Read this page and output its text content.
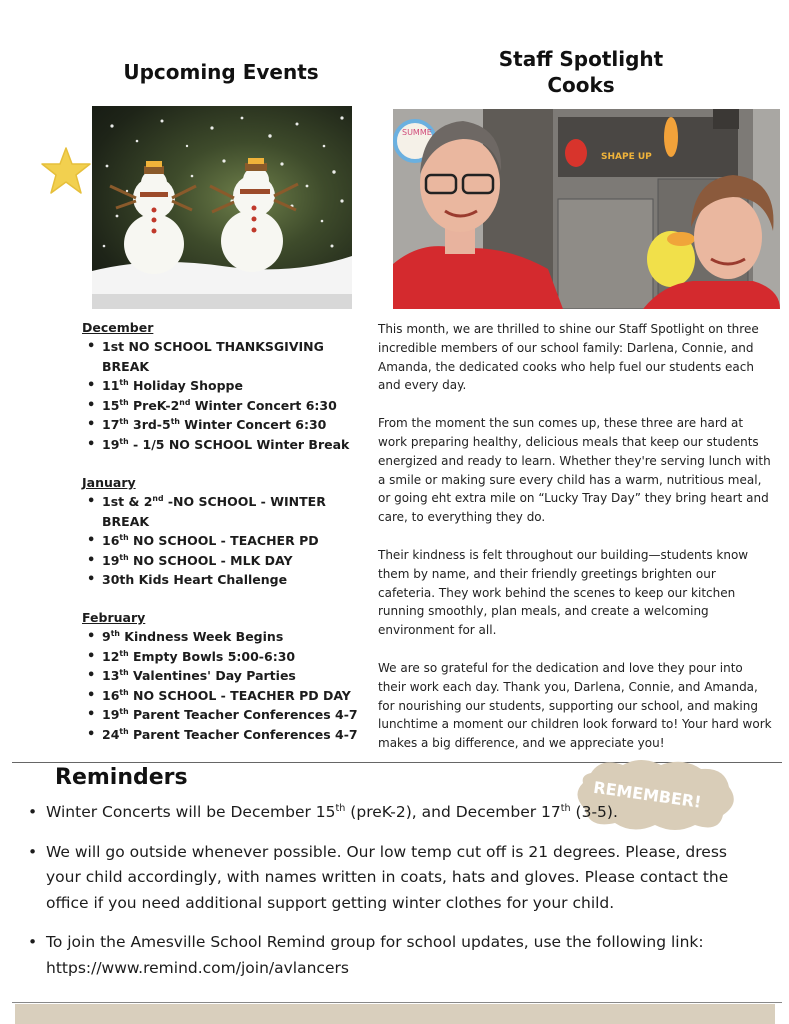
Upcoming Events
Staff Spotlight
Cooks
SHAPE UP
SUMME
December
• 1st NO SCHOOL THANKSGIVING BREAK
• 11th Holiday Shoppe
• 15th PreK-2nd Winter Concert 6:30
• 17th 3rd-5th Winter Concert 6:30
• 19th - 1/5 NO SCHOOL Winter Break
January
• 1st & 2nd -NO SCHOOL - WINTER BREAK
• 16th NO SCHOOL - TEACHER PD
• 19th NO SCHOOL - MLK DAY
• 30th Kids Heart Challenge
February
• 9th Kindness Week Begins
• 12th Empty Bowls 5:00-6:30
• 13th Valentines' Day Parties
• 16th NO SCHOOL - TEACHER PD DAY
• 19th Parent Teacher Conferences 4-7
• 24th Parent Teacher Conferences 4-7

This month, we are thrilled to shine our Staff Spotlight on three incredible members of our school family: Darlena, Connie, and Amanda, the dedicated cooks who help fuel our students each and every day.

From the moment the sun comes up, these three are hard at work preparing healthy, delicious meals that keep our students energized and ready to learn. Whether they're serving lunch with a smile or making sure every child has a warm, nutritious meal, or going eht extra mile on “Lucky Tray Day” they bring heart and care, to everything they do.

Their kindness is felt throughout our building—students know them by name, and their friendly greetings brighten our cafeteria. They work behind the scenes to keep our kitchen running smoothly, plan meals, and create a welcoming environment for all.

We are so grateful for the dedication and love they pour into their work each day. Thank you, Darlena, Connie, and Amanda, for nourishing our students, supporting our school, and making lunchtime a moment our children look forward to! Your hard work makes a big difference, and we appreciate you!

Reminders
REMEMBER!
• Winter Concerts will be December 15th (preK-2), and December 17th (3-5).
• We will go outside whenever possible. Our low temp cut off is 21 degrees. Please, dress your child accordingly, with names written in coats, hats and gloves. Please contact the office if you need additional support getting winter clothes for your child.
• To join the Amesville School Remind group for school updates, use the following link: https://www.remind.com/join/avlancers
